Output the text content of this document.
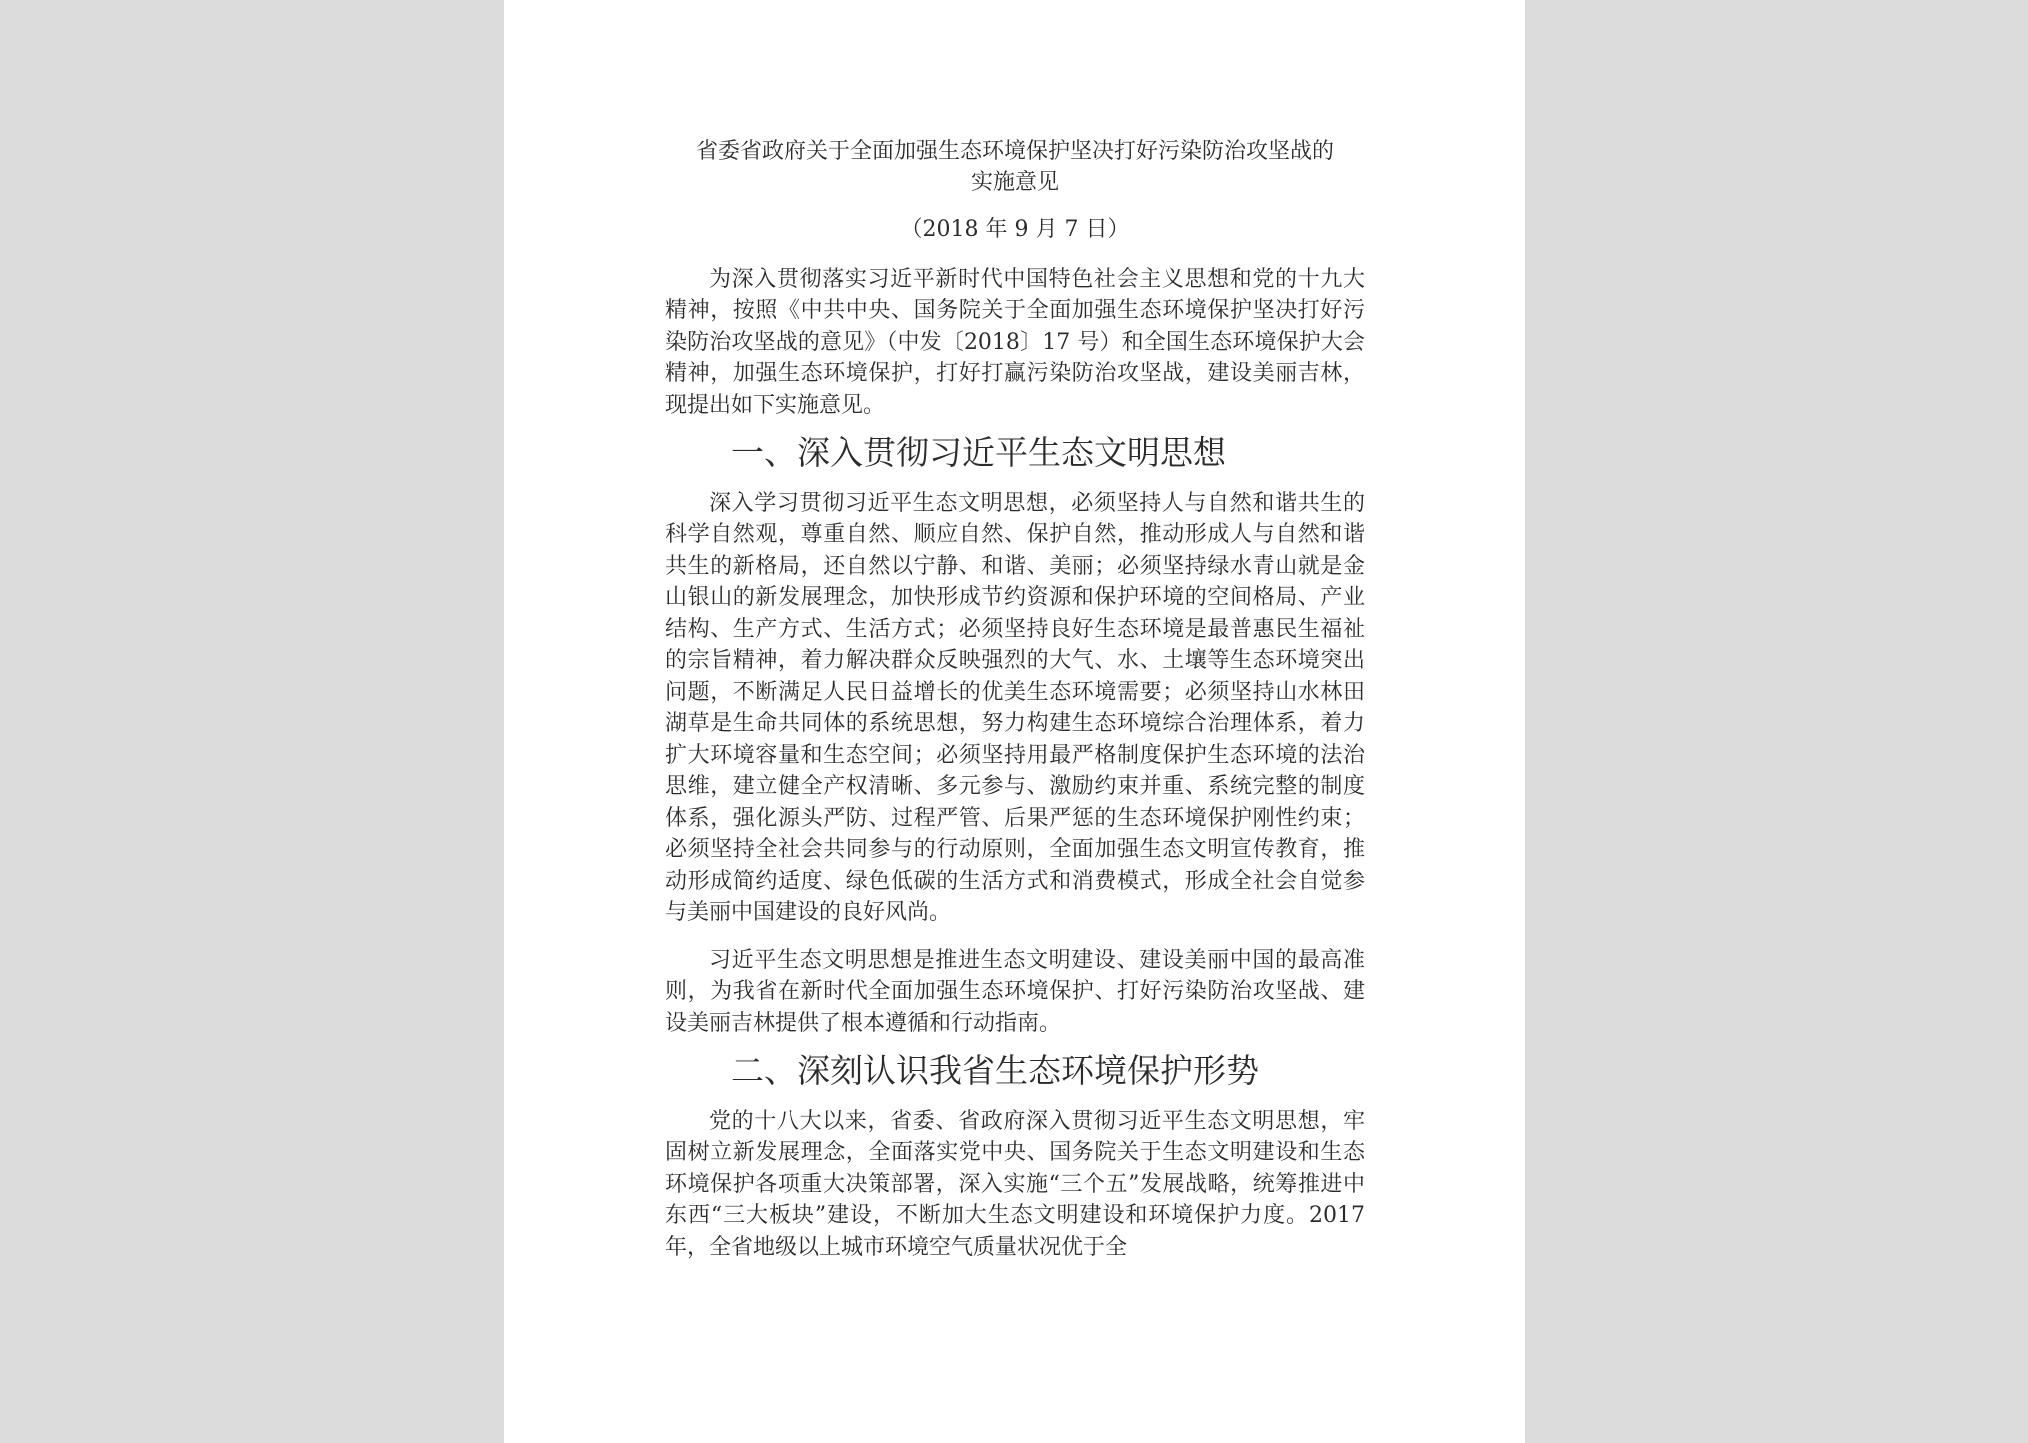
省委省政府关于全面加强生态环境保护坚决打好污染防治攻坚战的
实施意见

（2018 年 9 月 7 日）

为深入贯彻落实习近平新时代中国特色社会主义思想和党的十九大精神，按照《中共中央、国务院关于全面加强生态环境保护坚决打好污染防治攻坚战的意见》（中发〔2018〕17 号）和全国生态环境保护大会精神，加强生态环境保护，打好打赢污染防治攻坚战，建设美丽吉林，现提出如下实施意见。

一、深入贯彻习近平生态文明思想

深入学习贯彻习近平生态文明思想，必须坚持人与自然和谐共生的科学自然观，尊重自然、顺应自然、保护自然，推动形成人与自然和谐共生的新格局，还自然以宁静、和谐、美丽；必须坚持绿水青山就是金山银山的新发展理念，加快形成节约资源和保护环境的空间格局、产业结构、生产方式、生活方式；必须坚持良好生态环境是最普惠民生福祉的宗旨精神，着力解决群众反映强烈的大气、水、土壤等生态环境突出问题，不断满足人民日益增长的优美生态环境需要；必须坚持山水林田湖草是生命共同体的系统思想，努力构建生态环境综合治理体系，着力扩大环境容量和生态空间；必须坚持用最严格制度保护生态环境的法治思维，建立健全产权清晰、多元参与、激励约束并重、系统完整的制度体系，强化源头严防、过程严管、后果严惩的生态环境保护刚性约束；必须坚持全社会共同参与的行动原则，全面加强生态文明宣传教育，推动形成简约适度、绿色低碳的生活方式和消费模式，形成全社会自觉参与美丽中国建设的良好风尚。

习近平生态文明思想是推进生态文明建设、建设美丽中国的最高准则，为我省在新时代全面加强生态环境保护、打好污染防治攻坚战、建设美丽吉林提供了根本遵循和行动指南。

二、深刻认识我省生态环境保护形势

党的十八大以来，省委、省政府深入贯彻习近平生态文明思想，牢固树立新发展理念，全面落实党中央、国务院关于生态文明建设和生态环境保护各项重大决策部署，深入实施“三个五”发展战略，统筹推进中东西“三大板块”建设，不断加大生态文明建设和环境保护力度。2017 年，全省地级以上城市环境空气质量状况优于全
